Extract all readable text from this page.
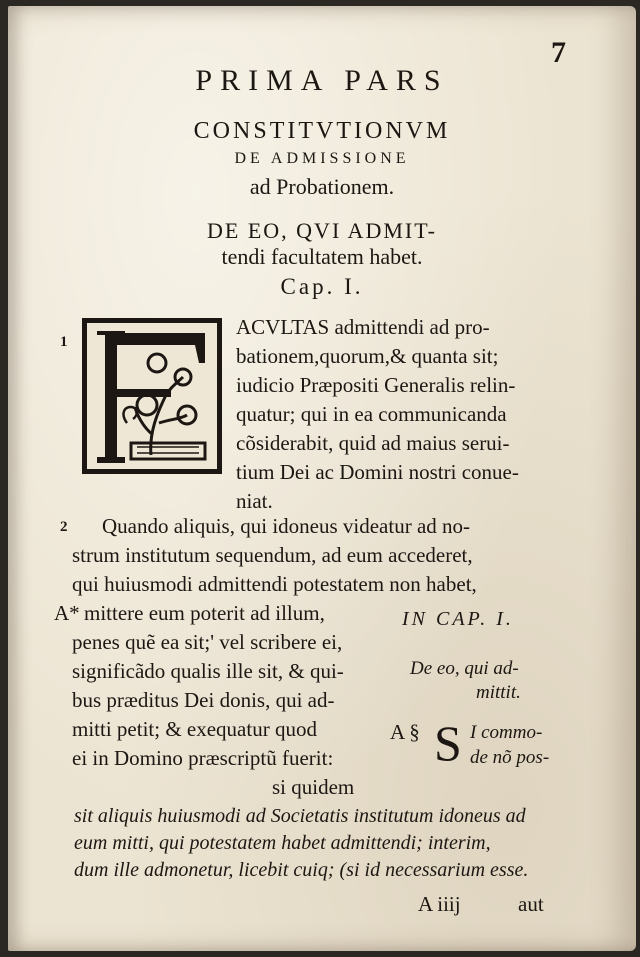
7
PRIMA PARS
CONSTITVTIONVM
DE ADMISSIONE
ad Probationem.
DE EO, QVI ADMIT-
tendi facultatem habet.
Cap. I.
1
ACVLTAS admittendi ad pro-
bationem,quorum,& quanta sit;
iudicio Præpositi Generalis relin-
quatur; qui in ea communicanda
cõsiderabit, quid ad maius serui-
tium Dei ac Domini nostri conue-
niat.
2 Quando aliquis, qui idoneus videatur ad no-
strum institutum sequendum, ad eum accederet,
qui huiusmodi admittendi potestatem non habet,
A* mittere eum poterit ad illum,
penes quẽ ea sit;' vel scribere ei,
significãdo qualis ille sit, & qui-
bus præditus Dei donis, qui ad-
mitti petit; & exequatur quod
ei in Domino præscriptũ fuerit:
si quidem
IN CAP. I.
De eo, qui ad-
mittit.
A § S I commo-
de nõ pos-
sit aliquis huiusmodi ad Societatis institutum idoneus ad
eum mitti, qui potestatem habet admittendi; interim,
dum ille admonetur, licebit cuiq; (si id necessarium esse.
A iiij	aut
